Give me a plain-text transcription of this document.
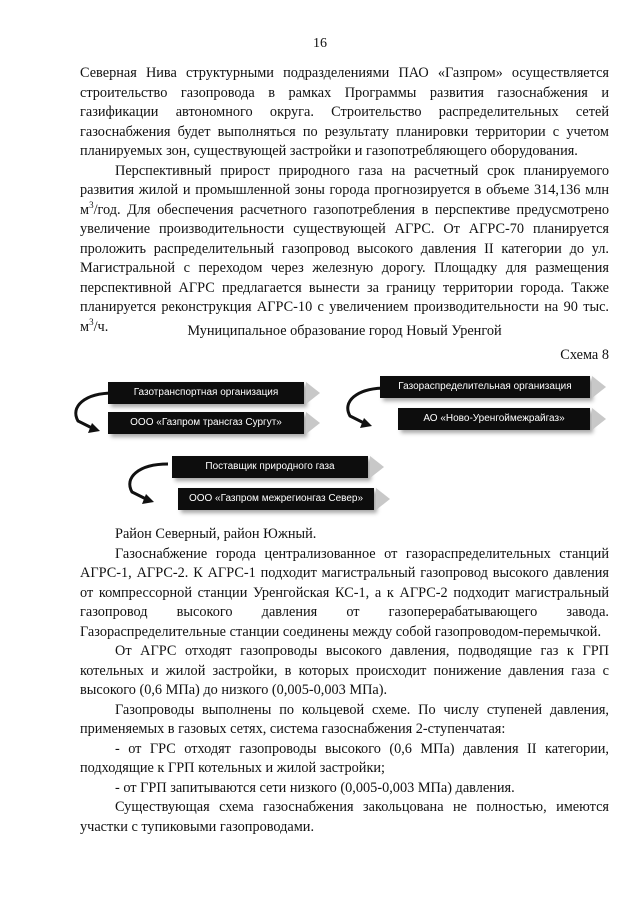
16

Северная Нива структурными подразделениями ПАО «Газпром» осуществляется строительство газопровода в рамках Программы развития газоснабжения и газификации автономного округа. Строительство распределительных сетей газоснабжения будет выполняться по результату планировки территории с учетом планируемых зон, существующей застройки и газопотребляющего оборудования.

Перспективный прирост природного газа на расчетный срок планируемого развития жилой и промышленной зоны города прогнозируется в объеме 314,136 млн $м^3$/год. Для обеспечения расчетного газопотребления в перспективе предусмотрено увеличение производительности существующей АГРС. От АГРС-70 планируется проложить распределительный газопровод высокого давления II категории до ул. Магистральной с переходом через железную дорогу. Площадку для размещения перспективной АГРС предлагается вынести за границу территории города. Также планируется реконструкция АГРС-10 с увеличением производительности на 90 тыс. $м^3/ч$.	Муниципальное образование город Новый Уренгой
Схема 8
Газотранспортная организация
ООО «Газпром трансгаз Сургут»
Газораспределительная организация
АО «Ново-Уренгоймежрайгаз»
Поставщик природного газа
ООО «Газпром межрегионгаз Север»

Район Северный, район Южный.

Газоснабжение города централизованное от газораспределительных станций АГРС-1, АГРС-2. К АГРС-1 подходит магистральный газопровод высокого давления от компрессорной станции Уренгойская КС-1, а к АГРС-2 подходит магистральный газопровод высокого давления от газоперерабатывающего завода. Газораспределительные станции соединены между собой газопроводом-перемычкой.

От АГРС отходят газопроводы высокого давления, подводящие газ к ГРП котельных и жилой застройки, в которых происходит понижение давления газа с высокого (0,6 МПа) до низкого (0,005-0,003 МПа).

Газопроводы выполнены по кольцевой схеме. По числу ступеней давления, применяемых в газовых сетях, система газоснабжения 2-ступенчатая:

- от ГРС отходят газопроводы высокого (0,6 МПа) давления II категории, подходящие к ГРП котельных и жилой застройки;

- от ГРП запитываются сети низкого (0,005-0,003 МПа) давления.

Существующая схема газоснабжения закольцована не полностью, имеются участки с тупиковыми газопроводами.
